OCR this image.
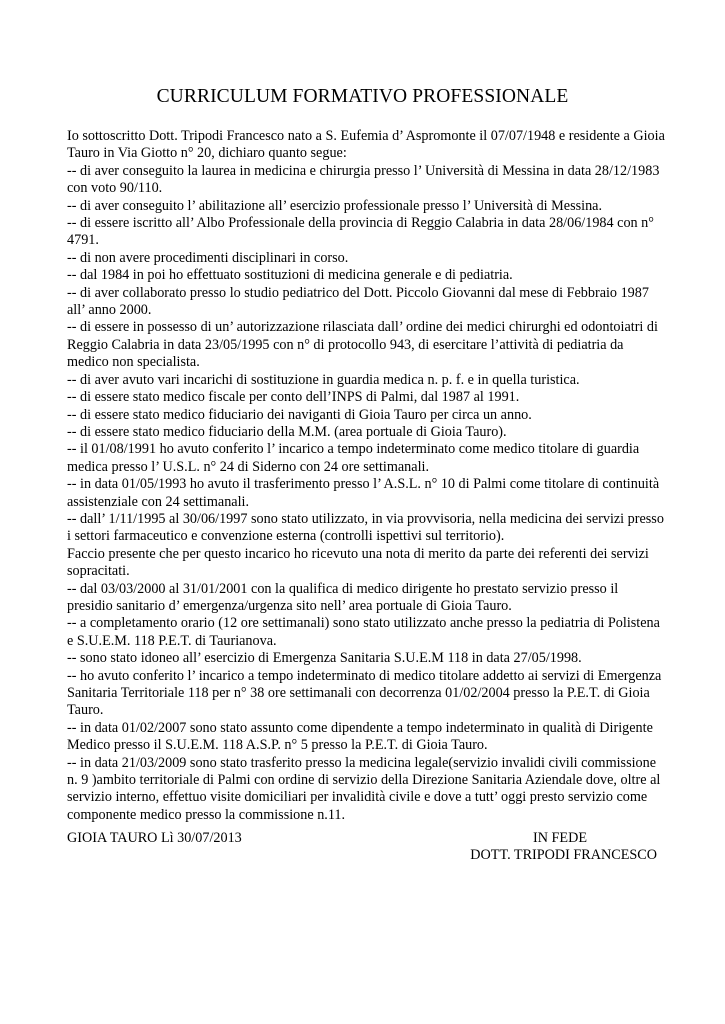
CURRICULUM FORMATIVO PROFESSIONALE

Io sottoscritto Dott. Tripodi Francesco nato a S. Eufemia d’ Aspromonte il 07/07/1948 e residente a Gioia Tauro in Via Giotto n° 20, dichiaro quanto segue:

-- di aver conseguito la laurea in medicina e chirurgia presso l’ Università di Messina in data 28/12/1983 con voto 90/110.

-- di aver conseguito l’ abilitazione all’ esercizio professionale presso l’ Università di Messina.

-- di essere iscritto all’ Albo Professionale della provincia di Reggio Calabria in data 28/06/1984 con n° 4791.

-- di non avere procedimenti disciplinari in corso.

-- dal 1984 in poi ho effettuato sostituzioni di medicina generale e di pediatria.

-- di aver collaborato presso lo studio pediatrico del Dott. Piccolo Giovanni dal mese di Febbraio 1987 all’ anno 2000.

-- di essere in possesso di un’ autorizzazione rilasciata dall’ ordine dei medici chirurghi ed odontoiatri di Reggio Calabria in data 23/05/1995 con n° di protocollo 943, di esercitare l’attività di pediatria da medico non specialista.

-- di aver avuto vari incarichi di sostituzione in guardia medica n. p. f. e in quella turistica.

-- di essere stato medico fiscale per conto dell’INPS di Palmi, dal 1987 al 1991.

-- di essere stato medico fiduciario dei naviganti di Gioia Tauro per circa un anno.

-- di essere stato medico fiduciario della M.M. (area portuale di Gioia Tauro).

-- il 01/08/1991 ho avuto conferito l’ incarico a tempo indeterminato come medico titolare di guardia medica presso l’ U.S.L. n° 24 di Siderno con 24 ore settimanali.

-- in data 01/05/1993 ho avuto il trasferimento presso l’ A.S.L. n° 10 di Palmi come titolare di continuità assistenziale con 24 settimanali.

-- dall’ 1/11/1995 al 30/06/1997 sono stato utilizzato, in via provvisoria, nella medicina dei servizi presso i settori farmaceutico e convenzione esterna (controlli ispettivi sul territorio).

Faccio presente che per questo incarico ho ricevuto una nota di merito da parte dei referenti dei servizi sopracitati.

-- dal 03/03/2000 al 31/01/2001 con la qualifica di medico dirigente ho prestato servizio presso il presidio sanitario d’ emergenza/urgenza sito nell’ area portuale di Gioia Tauro.

-- a completamento orario (12 ore settimanali) sono stato utilizzato anche presso la pediatria di Polistena e S.U.E.M. 118 P.E.T. di Taurianova.

-- sono stato idoneo all’ esercizio di Emergenza Sanitaria S.U.E.M 118 in data 27/05/1998.

-- ho avuto conferito l’ incarico a tempo indeterminato di medico titolare addetto ai servizi di Emergenza Sanitaria Territoriale 118 per n° 38 ore settimanali con decorrenza 01/02/2004 presso la P.E.T. di Gioia Tauro.

-- in data 01/02/2007 sono stato assunto come dipendente a tempo indeterminato in qualità di Dirigente Medico presso il S.U.E.M. 118 A.S.P. n° 5 presso la P.E.T. di Gioia Tauro.

-- in data 21/03/2009 sono stato trasferito presso la medicina legale(servizio invalidi civili commissione n. 9 )ambito territoriale di Palmi con ordine di servizio della Direzione Sanitaria Aziendale dove, oltre al servizio interno, effettuo visite domiciliari per invalidità civile e dove a tutt’ oggi presto servizio come componente medico presso la commissione n.11.

GIOIA TAURO Lì 30/07/2013	IN FEDE

DOTT. TRIPODI FRANCESCO
